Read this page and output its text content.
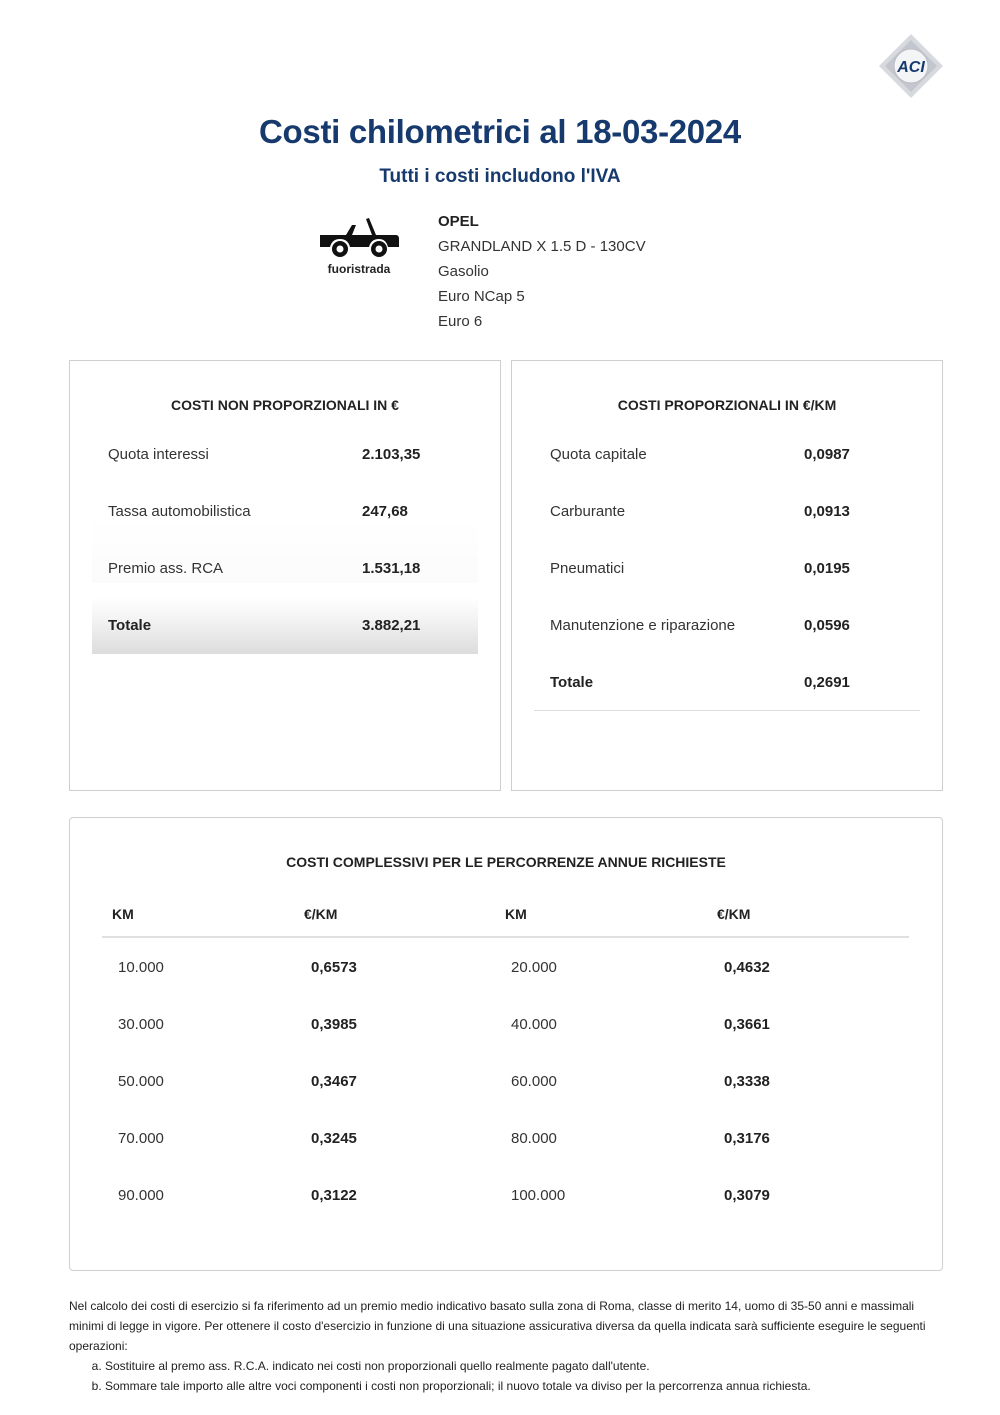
ACI
Costi chilometrici al 18-03-2024
Tutti i costi includono l'IVA
fuoristrada
OPEL
GRANDLAND X 1.5 D - 130CV
Gasolio
Euro NCap 5
Euro 6
COSTI NON PROPORZIONALI IN €
Quota interessi	2.103,35
Tassa automobilistica	247,68
Premio ass. RCA	1.531,18
Totale	3.882,21
COSTI PROPORZIONALI IN €/KM
Quota capitale	0,0987
Carburante	0,0913
Pneumatici	0,0195
Manutenzione e riparazione	0,0596
Totale	0,2691
COSTI COMPLESSIVI PER LE PERCORRENZE ANNUE RICHIESTE
KM	€/KM	KM	€/KM
10.000	0,6573	20.000	0,4632
30.000	0,3985	40.000	0,3661
50.000	0,3467	60.000	0,3338
70.000	0,3245	80.000	0,3176
90.000	0,3122	100.000	0,3079

Nel calcolo dei costi di esercizio si fa riferimento ad un premio medio indicativo basato sulla zona di Roma, classe di merito 14, uomo di 35-50 anni e massimali minimi di legge in vigore. Per ottenere il costo d'esercizio in funzione di una situazione assicurativa diversa da quella indicata sarà sufficiente eseguire le seguenti operazioni:

a. Sostituire al premo ass. R.C.A. indicato nei costi non proporzionali quello realmente pagato dall'utente.
b. Sommare tale importo alle altre voci componenti i costi non proporzionali; il nuovo totale va diviso per la percorrenza annua richiesta.
